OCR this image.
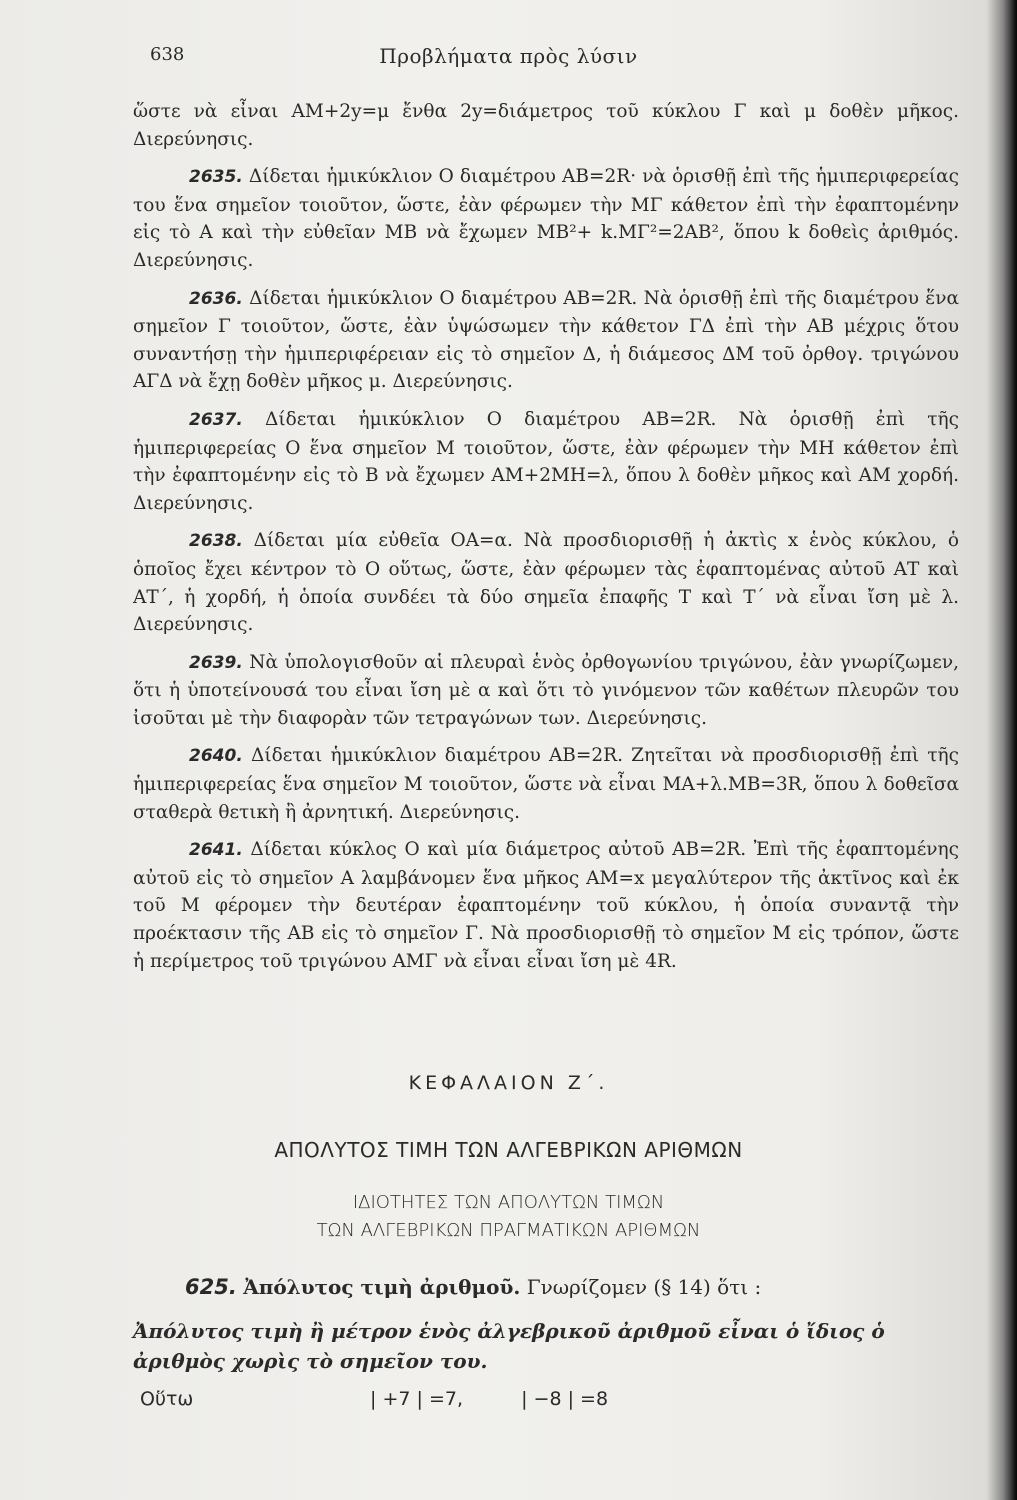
638	Προβλήματα πρὸς λύσιν

ὥστε νὰ εἶναι ΑΜ+2y=μ ἔνθα 2y=διάμετρος τοῦ κύκλου Γ καὶ μ δοθὲν μῆκος. Διερεύνησις.

2635. Δίδεται ἡμικύκλιον Ο διαμέτρου ΑΒ=2R· νὰ ὁρισθῇ ἐπὶ τῆς ἡμιπεριφερείας του ἕνα σημεῖον τοιοῦτον, ὥστε, ἐὰν φέρωμεν τὴν ΜΓ κάθετον ἐπὶ τὴν ἐφαπτομένην εἰς τὸ Α καὶ τὴν εὐθεῖαν ΜΒ νὰ ἔχωμεν ΜΒ²+ k.ΜΓ²=2ΑΒ², ὅπου k δοθεὶς ἀριθμός. Διερεύνησις.

2636. Δίδεται ἡμικύκλιον Ο διαμέτρου ΑΒ=2R. Νὰ ὁρισθῇ ἐπὶ τῆς διαμέτρου ἕνα σημεῖον Γ τοιοῦτον, ὥστε, ἐὰν ὑψώσωμεν τὴν κάθετον ΓΔ ἐπὶ τὴν ΑΒ μέχρις ὅτου συναντήσῃ τὴν ἡμιπεριφέρειαν εἰς τὸ σημεῖον Δ, ἡ διάμεσος ΔΜ τοῦ ὀρθογ. τριγώνου ΑΓΔ νὰ ἔχῃ δοθὲν μῆκος μ. Διερεύνησις.

2637. Δίδεται ἡμικύκλιον Ο διαμέτρου ΑΒ=2R. Νὰ ὁρισθῇ ἐπὶ τῆς ἡμιπεριφερείας Ο ἕνα σημεῖον Μ τοιοῦτον, ὥστε, ἐὰν φέρωμεν τὴν ΜΗ κάθετον ἐπὶ τὴν ἐφαπτομένην εἰς τὸ Β νὰ ἔχωμεν ΑΜ+2ΜΗ=λ, ὅπου λ δοθὲν μῆκος καὶ ΑΜ χορδή. Διερεύνησις.

2638. Δίδεται μία εὐθεῖα ΟΑ=α. Νὰ προσδιορισθῇ ἡ ἀκτὶς x ἑνὸς κύκλου, ὁ ὁποῖος ἔχει κέντρον τὸ Ο οὕτως, ὥστε, ἐὰν φέρωμεν τὰς ἐφαπτομένας αὐτοῦ ΑΤ καὶ ΑΤ΄, ἡ χορδή, ἡ ὁποία συνδέει τὰ δύο σημεῖα ἐπαφῆς Τ καὶ Τ΄ νὰ εἶναι ἴση μὲ λ. Διερεύνησις.

2639. Νὰ ὑπολογισθοῦν αἱ πλευραὶ ἑνὸς ὀρθογωνίου τριγώνου, ἐὰν γνωρίζωμεν, ὅτι ἡ ὑποτείνουσά του εἶναι ἴση μὲ α καὶ ὅτι τὸ γινόμενον τῶν καθέτων πλευρῶν του ἰσοῦται μὲ τὴν διαφορὰν τῶν τετραγώνων των. Διερεύνησις.

2640. Δίδεται ἡμικύκλιον διαμέτρου ΑΒ=2R. Ζητεῖται νὰ προσδιορισθῇ ἐπὶ τῆς ἡμιπεριφερείας ἕνα σημεῖον Μ τοιοῦτον, ὥστε νὰ εἶναι ΜΑ+λ.ΜΒ=3R, ὅπου λ δοθεῖσα σταθερὰ θετικὴ ἢ ἀρνητική. Διερεύνησις.

2641. Δίδεται κύκλος Ο καὶ μία διάμετρος αὐτοῦ ΑΒ=2R. Ἐπὶ τῆς ἐφαπτομένης αὐτοῦ εἰς τὸ σημεῖον Α λαμβάνομεν ἕνα μῆκος ΑΜ=x μεγαλύτερον τῆς ἀκτῖνος καὶ ἐκ τοῦ Μ φέρομεν τὴν δευτέραν ἐφαπτομένην τοῦ κύκλου, ἡ ὁποία συναντᾷ τὴν προέκτασιν τῆς ΑΒ εἰς τὸ σημεῖον Γ. Νὰ προσδιορισθῇ τὸ σημεῖον Μ εἰς τρόπον, ὥστε ἡ περίμετρος τοῦ τριγώνου ΑΜΓ νὰ εἶναι εἶναι ἴση μὲ 4R.

ΚΕΦΑΛΑΙΟΝ Ζ΄.
ΑΠΟΛΥΤΟΣ ΤΙΜΗ ΤΩΝ ΑΛΓΕΒΡΙΚΩΝ ΑΡΙΘΜΩΝ
ΙΔΙΟΤΗΤΕΣ ΤΩΝ ΑΠΟΛΥΤΩΝ ΤΙΜΩΝ
ΤΩΝ ΑΛΓΕΒΡΙΚΩΝ ΠΡΑΓΜΑΤΙΚΩΝ ΑΡΙΘΜΩΝ
625. Ἀπόλυτος τιμὴ ἀριθμοῦ. Γνωρίζομεν (§ 14) ὅτι :
Ἀπόλυτος τιμὴ ἢ μέτρον ἑνὸς ἀλγεβρικοῦ ἀριθμοῦ εἶναι ὁ ἴδιος ὁ ἀριθμὸς χωρὶς τὸ σημεῖον του.
Οὕτω	| +7 | =7,	| −8 | =8
